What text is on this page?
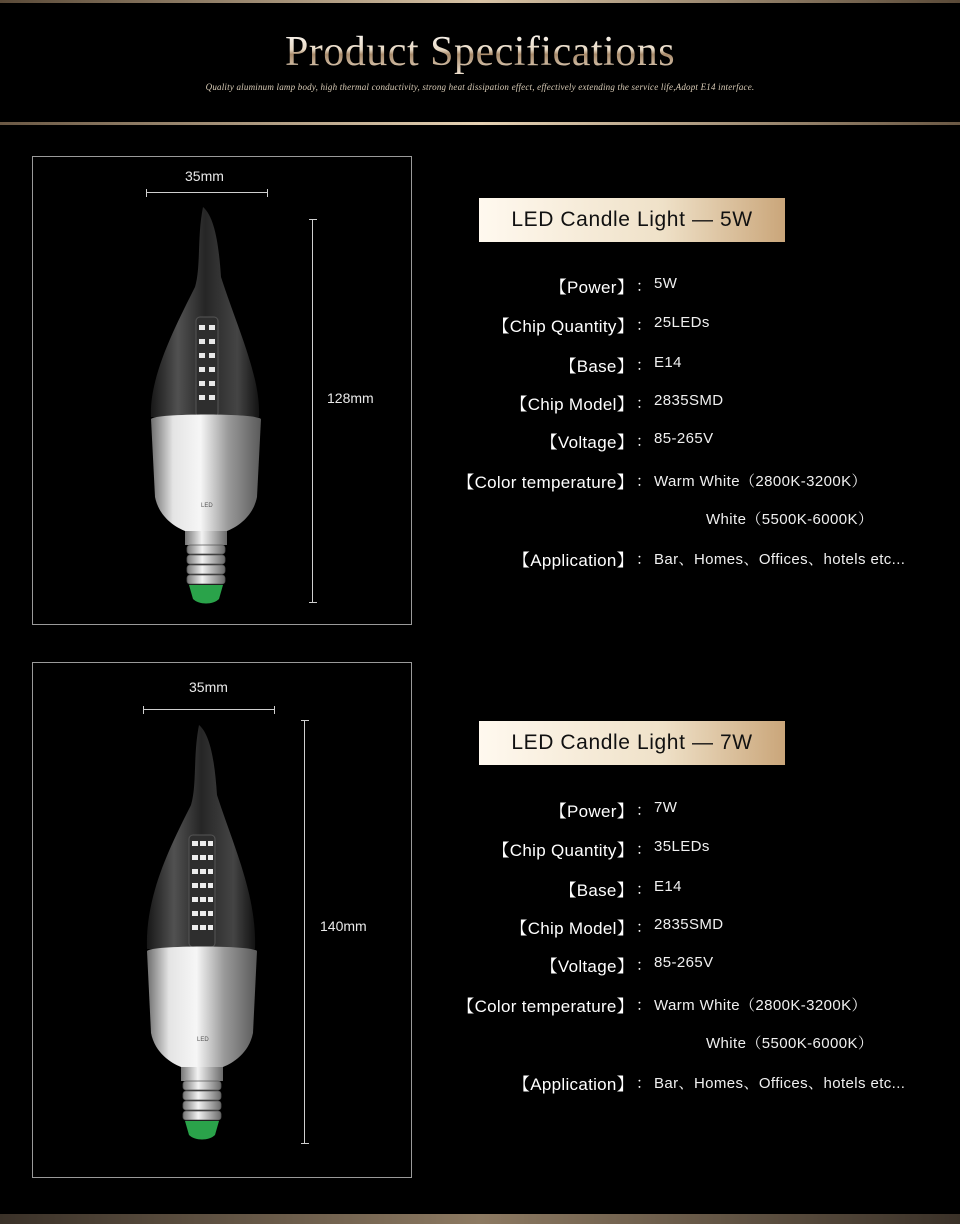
Product Specifications
Quality aluminum lamp body, high thermal conductivity, strong heat dissipation effect, effectively extending the service life,Adopt E14 interface.
35mm
128mm
LED
LED Candle Light — 5W
【Power】 ： 5W
【Chip Quantity】 ： 25LEDs
【Base】 ： E14
【Chip Model】 ： 2835SMD
【Voltage】 ： 85-265V
【Color temperature】 ： Warm White（2800K-3200K）
White（5500K-6000K）
【Application】 ： Bar、Homes、Offices、hotels etc...
35mm
140mm
LED
LED Candle Light — 7W
【Power】 ： 7W
【Chip Quantity】 ： 35LEDs
【Base】 ： E14
【Chip Model】 ： 2835SMD
【Voltage】 ： 85-265V
【Color temperature】 ： Warm White（2800K-3200K）
White（5500K-6000K）
【Application】 ： Bar、Homes、Offices、hotels etc...
